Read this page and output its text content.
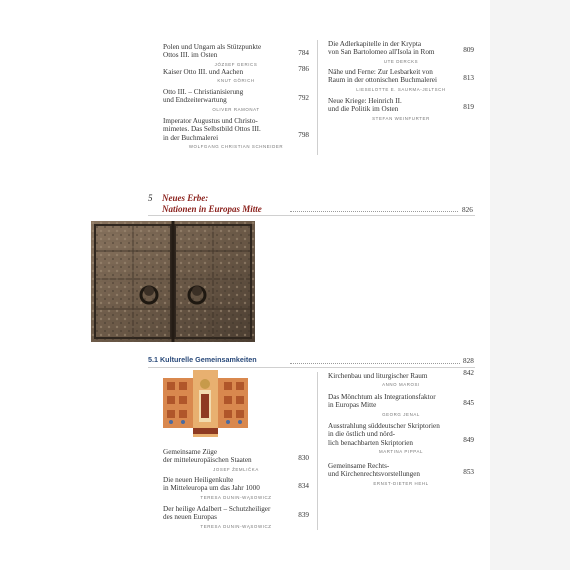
Polen und Ungarn als Stützpunkte
Ottos III. im Osten	784
JÓZSEF GERICS
Kaiser Otto III. und Aachen	786
KNUT GÖRICH
Otto III. – Christianisierung
und Endzeiterwartung	792
OLIVER RAMONAT
Imperator Augustus und Christo-
mimetes. Das Selbstbild Ottos III.
in der Buchmalerei	798
WOLFGANG CHRISTIAN SCHNEIDER
Die Adlerkapitelle in der Krypta
von San Bartolomeo all'Isola in Rom	809
UTE DERCKS
Nähe und Ferne: Zur Lesbarkeit von
Raum in der ottonischen Buchmalerei	813
LIESELOTTE E. SAURMA-JELTSCH
Neue Kriege: Heinrich II.
und die Politik im Osten	819
STEFAN WEINFURTER
5 Neues Erbe:
Nationen in Europas Mitte	826
5.1 Kulturelle Gemeinsamkeiten	828
Gemeinsame Züge
der mitteleuropäischen Staaten	830
JOSEF ŽEMLIČKA
Die neuen Heiligenkulte
in Mitteleuropa um das Jahr 1000	834
TERESA DUNIN-WĄSOWICZ
Der heilige Adalbert – Schutzheiliger
des neuen Europas	839
TERESA DUNIN-WĄSOWICZ
Kirchenbau und liturgischer Raum	842
ANNO MAROSI
Das Mönchtum als Integrationsfaktor
in Europas Mitte	845
GEORG JENAL
Ausstrahlung süddeutscher Skriptorien
in die östlich und nörd-
lich benachbarten Skriptorien	849
MARTINA PIPPAL
Gemeinsame Rechts-
und Kirchenrechtsvorstellungen	853
ERNST-DIETER HEHL
